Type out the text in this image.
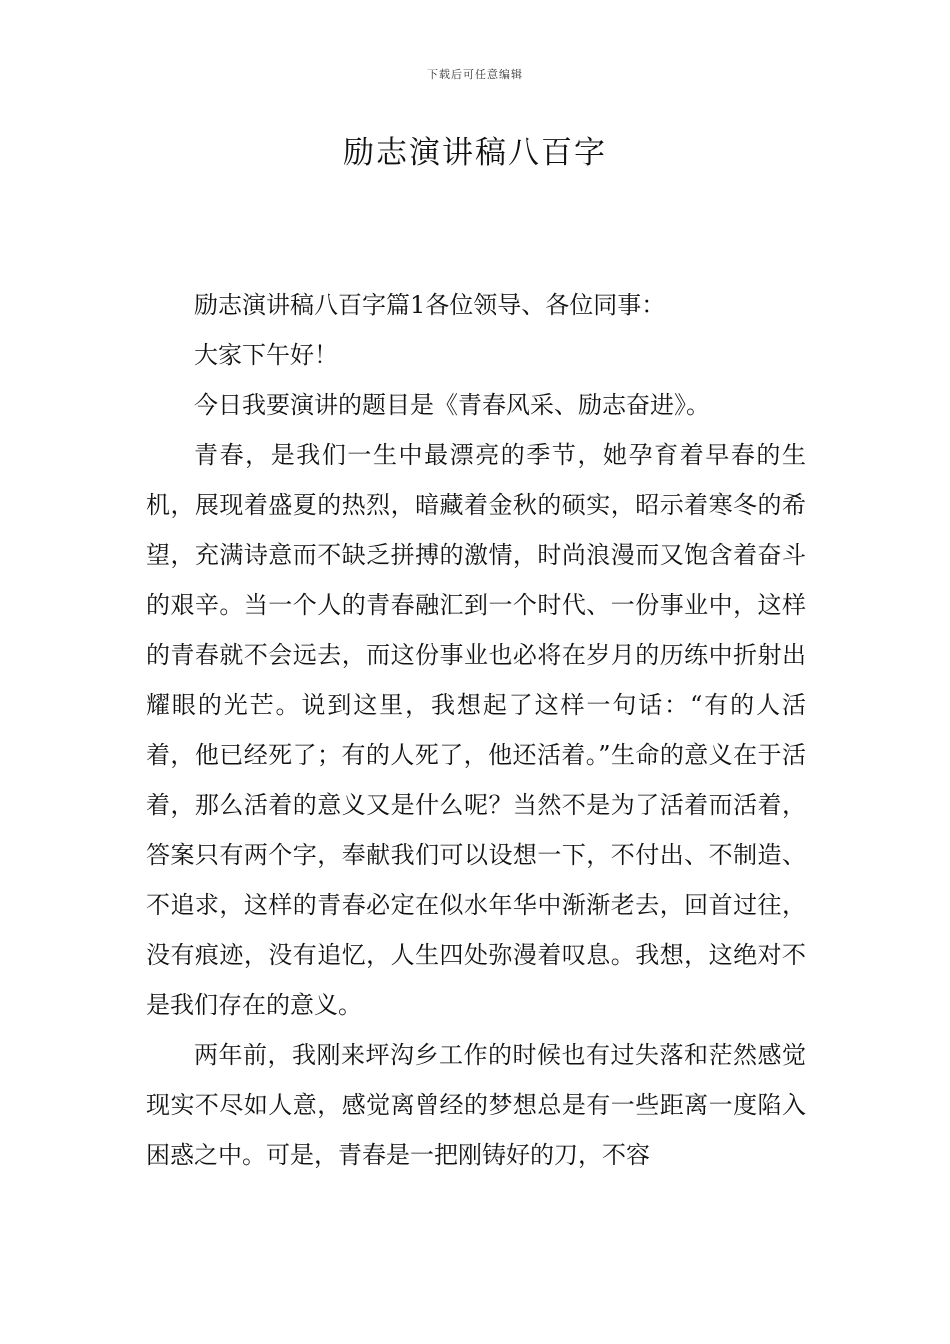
下载后可任意编辑
励志演讲稿八百字

励志演讲稿八百字篇1各位领导、各位同事：

大家下午好！

今日我要演讲的题目是《青春风采、励志奋进》。

青春，是我们一生中最漂亮的季节，她孕育着早春的生机，展现着盛夏的热烈，暗藏着金秋的硕实，昭示着寒冬的希望，充满诗意而不缺乏拼搏的激情，时尚浪漫而又饱含着奋斗的艰辛。当一个人的青春融汇到一个时代、一份事业中，这样的青春就不会远去，而这份事业也必将在岁月的历练中折射出耀眼的光芒。说到这里，我想起了这样一句话：“有的人活着，他已经死了；有的人死了，他还活着。”生命的意义在于活着，那么活着的意义又是什么呢？当然不是为了活着而活着，答案只有两个字，奉献我们可以设想一下，不付出、不制造、不追求，这样的青春必定在似水年华中渐渐老去，回首过往，没有痕迹，没有追忆，人生四处弥漫着叹息。我想，这绝对不是我们存在的意义。

两年前，我刚来坪沟乡工作的时候也有过失落和茫然感觉现实不尽如人意，感觉离曾经的梦想总是有一些距离一度陷入困惑之中。可是，青春是一把刚铸好的刀，不容
